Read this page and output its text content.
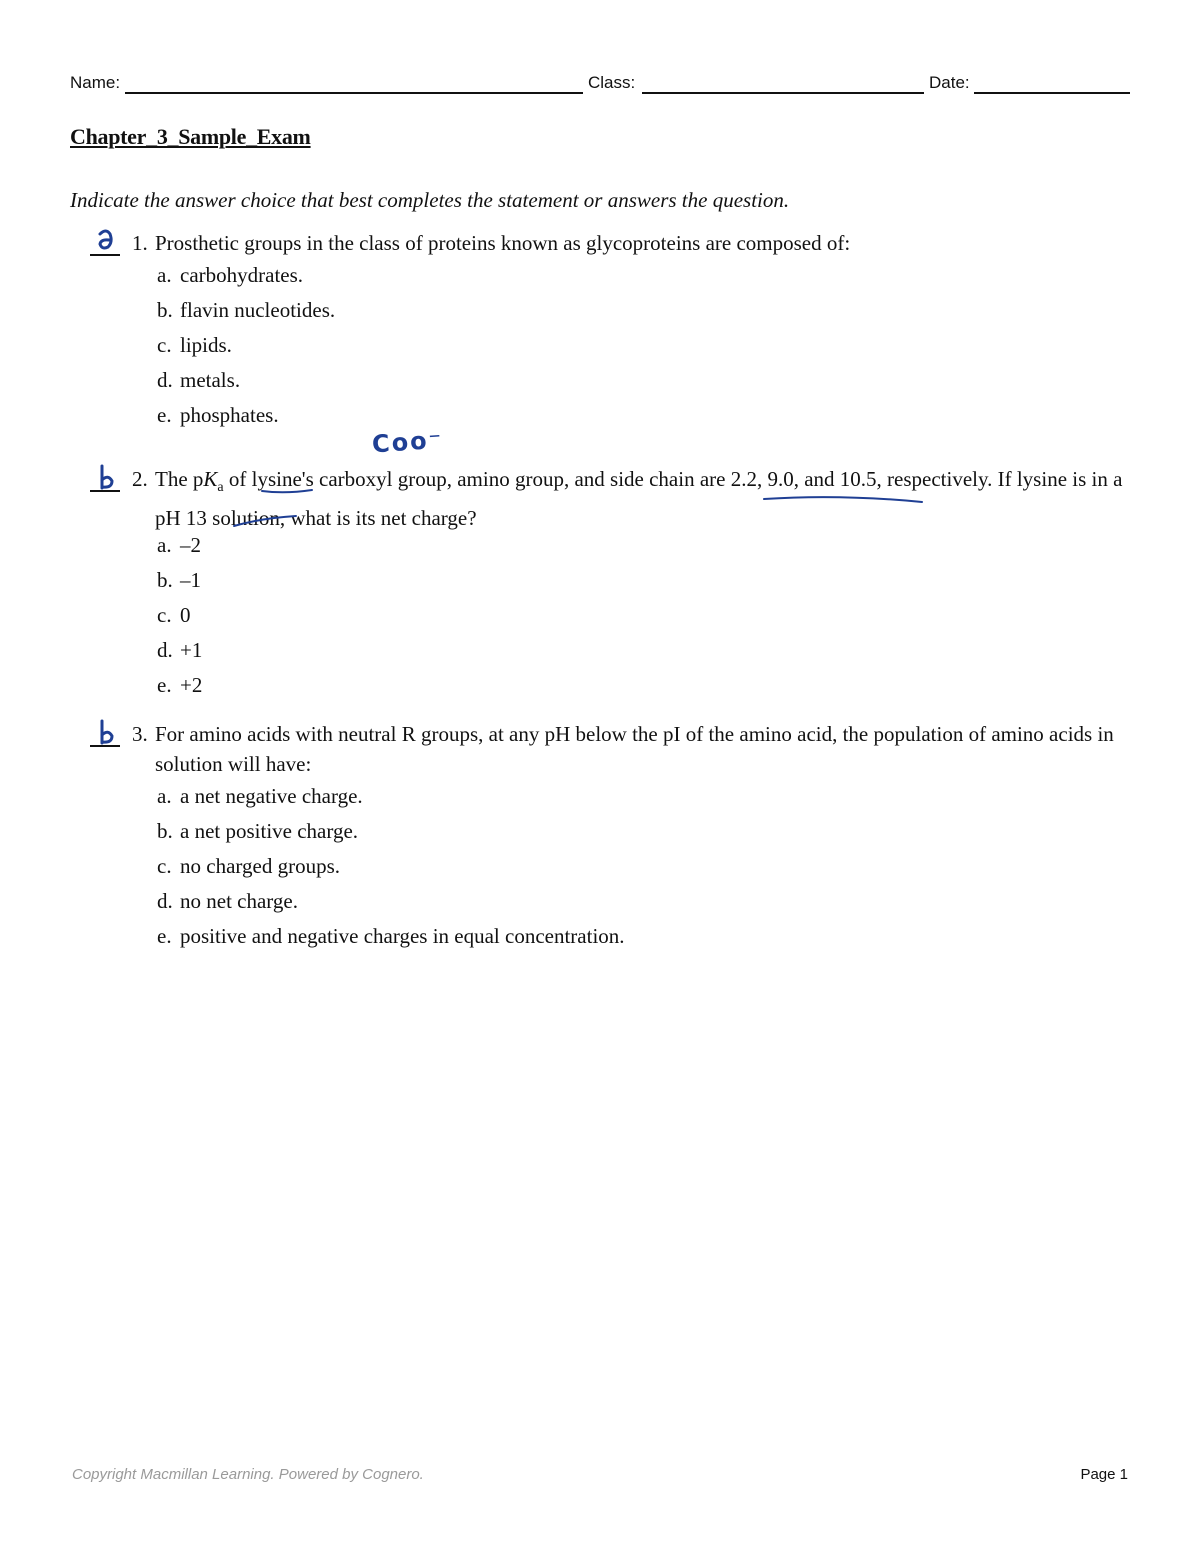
Name:	Class:	Date:
Chapter_3_Sample_Exam
Indicate the answer choice that best completes the statement or answers the question.
1. Prosthetic groups in the class of proteins known as glycoproteins are composed of:
a. carbohydrates.
b. flavin nucleotides.
c. lipids.
d. metals.
e. phosphates.
Coo⁻
2. The $pK_a$ of lysine's carboxyl group, amino group, and side chain are 2.2, 9.0, and 10.5, respectively. If lysine is in a pH 13 solution, what is its net charge?
a. –2
b. –1
c. 0
d. +1
e. +2
3. For amino acids with neutral R groups, at any pH below the pI of the amino acid, the population of amino acids in solution will have:
a. a net negative charge.
b. a net positive charge.
c. no charged groups.
d. no net charge.
e. positive and negative charges in equal concentration.
Copyright Macmillan Learning. Powered by Cognero.	Page 1
